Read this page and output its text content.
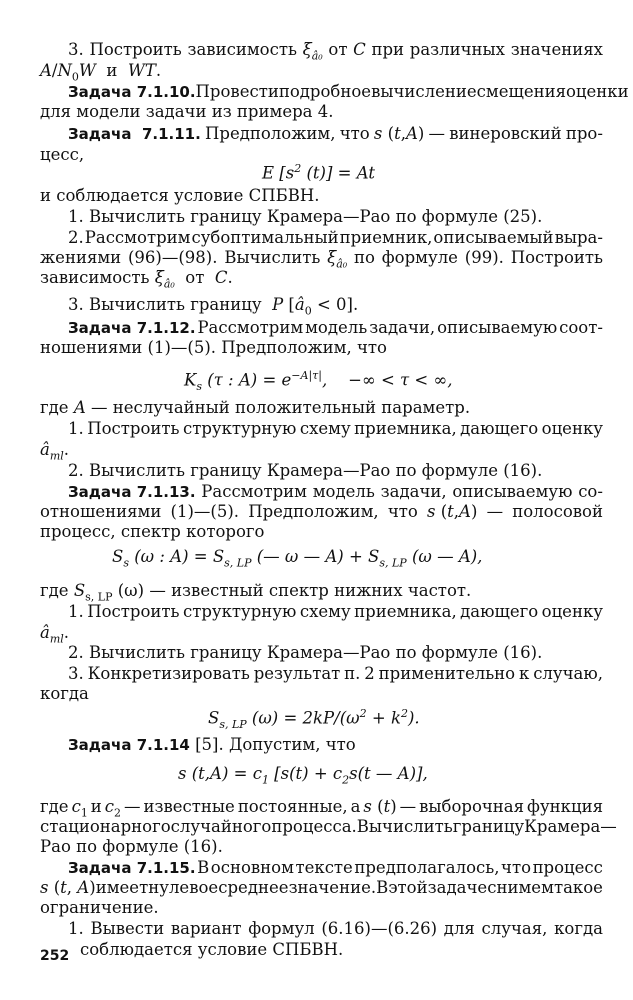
3. Построить зависимость $\xi_{â_0}$ от C при различных значениях
$A/N_0W$  и  WT.
Задача 7.1.10. Провести подробное вычисление смещения оценки
для модели задачи из примера 4.
Задача 7.1.11. Предположим, что s (t,A) — винеровский про-
цесс,
E [$s^2$ (t)] = At
и соблюдается условие СПБВН.
1. Вычислить границу Крамера—Рао по формуле (25).
2. Рассмотрим субоптимальный приемник, описываемый выра-
жениями (96)—(98). Вычислить $\xi_{â_0}$ по формуле (99). Построить
зависимость $\xi_{â_0}$  от  C.
3. Вычислить границу  P $[â_0 < 0]$.
Задача 7.1.12. Рассмотрим модель задачи, описываемую соот-
ношениями (1)—(5). Предположим, что
$K_s$ (τ : $A) = e^{-A|\tau|}$,    −∞ < τ < ∞,
где A — неслучайный положительный параметр.
1. Построить структурную схему приемника, дающего оценку
$â_{ml}$.
2. Вычислить границу Крамера—Рао по формуле (16).
Задача 7.1.13. Рассмотрим модель задачи, описываемую со-
отношениями (1)—(5). Предположим, что s (t,A) — полосовой
процесс, спектр которого
$S_s$ (ω : $A) = S_{s, LP}$ (— ω — $A) + S_{s, LP}$ (ω — A),
где $S_{s, LP}$ (ω) — известный спектр нижних частот.
1. Построить структурную схему приемника, дающего оценку
$â_{ml}$.
2. Вычислить границу Крамера—Рао по формуле (16).
3. Конкретизировать результат п. 2 применительно к случаю,
когда
$S_{s, LP}$ $(\omega) = 2kP/(\omega^2 + k^2)$.
Задача 7.1.14 [5]. Допустим, что
s $(t,A) = c_1$ [$s(t) + c_2s(t$ — A)],
где $c_1$ и $c_2$ — известные постоянные, а s (t) — выборочная функция
стационарного случайного процесса. Вычислить границу Крамера—
Рао по формуле (16).
Задача 7.1.15. В основном тексте предполагалось, что процесс
s (t, A) имеет нулевое среднее значение. В этой задаче снимем такое
ограничение.
1. Вывести вариант формул (6.16)—(6.26) для случая, когда

соблюдается условие СПБВН.
252
